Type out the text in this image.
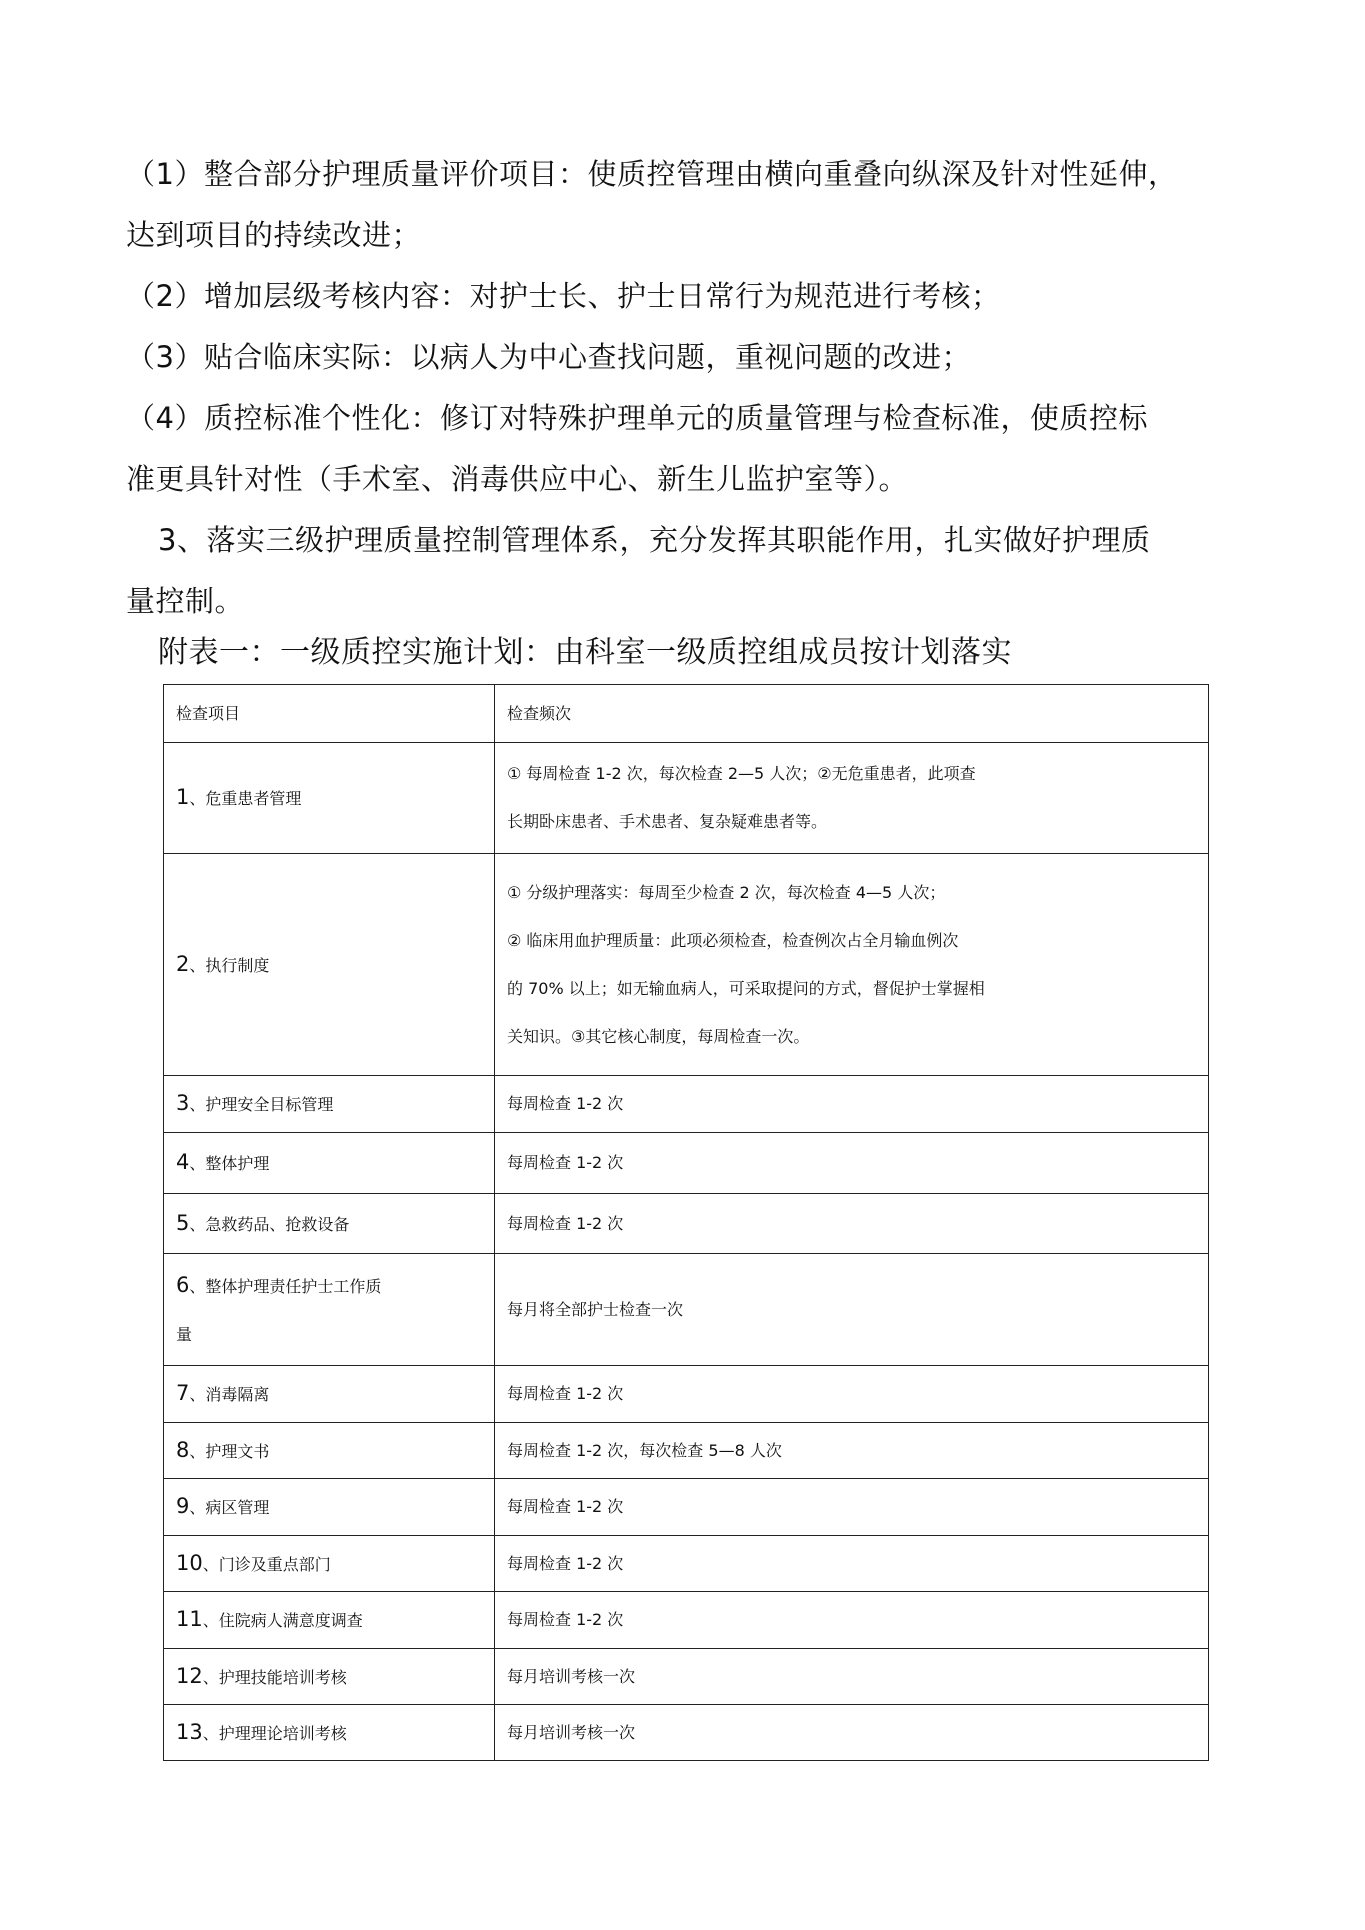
（1）整合部分护理质量评价项目：使质控管理由横向重叠向纵深及针对性延伸，
达到项目的持续改进；
（2）增加层级考核内容：对护士长、护士日常行为规范进行考核；
（3）贴合临床实际：以病人为中心查找问题，重视问题的改进；
（4）质控标准个性化：修订对特殊护理单元的质量管理与检查标准，使质控标
准更具针对性（手术室、消毒供应中心、新生儿监护室等）。
3、落实三级护理质量控制管理体系，充分发挥其职能作用，扎实做好护理质
量控制。
附表一：一级质控实施计划：由科室一级质控组成员按计划落实
检查项目	检查频次
1、危重患者管理	① 每周检查 1-2 次，每次检查 2—5 人次；②无危重患者，此项查
长期卧床患者、手术患者、复杂疑难患者等。

2、执行制度	① 分级护理落实：每周至少检查 2 次，每次检查 4—5 人次；
② 临床用血护理质量：此项必须检查，检查例次占全月输血例次
的 70% 以上；如无输血病人，可采取提问的方式，督促护士掌握相
关知识。③其它核心制度，每周检查一次。

3、护理安全目标管理	每周检查 1-2 次
4、整体护理	每周检查 1-2 次
5、急救药品、抢救设备	每周检查 1-2 次

6、整体护理责任护士工作质
量	每月将全部护士检查一次
7、消毒隔离	每周检查 1-2 次
8、护理文书	每周检查 1-2 次，每次检查 5—8 人次
9、病区管理	每周检查 1-2 次
10、门诊及重点部门	每周检查 1-2 次
11、住院病人满意度调查	每周检查 1-2 次
12、护理技能培训考核	每月培训考核一次
13、护理理论培训考核	每月培训考核一次
